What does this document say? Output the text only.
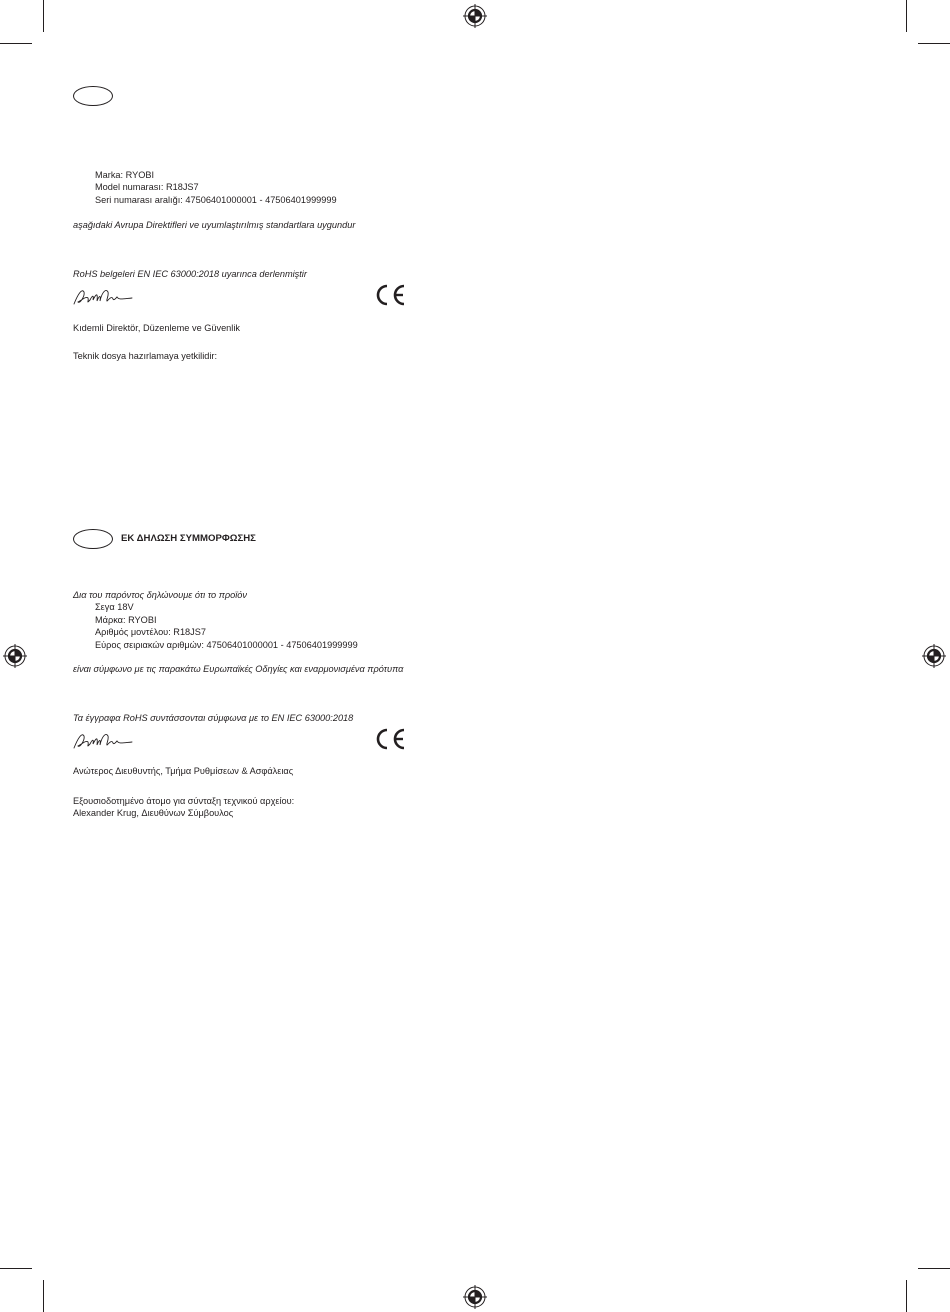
Marka: RYOBI
Model numarası: R18JS7
Seri numarası aralığı: 47506401000001 - 47506401999999
aşağıdaki Avrupa Direktifleri ve uyumlaştırılmış standartlara uygundur
RoHS belgeleri EN IEC 63000:2018 uyarınca derlenmiştir
Kıdemli Direktör, Düzenleme ve Güvenlik
Teknik dosya hazırlamaya yetkilidir:
ΕΚ ΔΗΛΩΣΗ ΣΥΜΜΟΡΦΩΣΗΣ
Δια του παρόντος δηλώνουμε ότι το προϊόν
Σεγα 18V
Μάρκα: RYOBI
Αριθμός μοντέλου: R18JS7
Εύρος σειριακών αριθμών: 47506401000001 - 47506401999999
είναι σύμφωνο με τις παρακάτω Ευρωπαϊκές Οδηγίες και εναρμονισμένα πρότυπα
Τα έγγραφα RoHS συντάσσονται σύμφωνα με το EN IEC 63000:2018
Ανώτερος Διευθυντής, Τμήμα Ρυθμίσεων & Ασφάλειας
Εξουσιοδοτημένο άτομο για σύνταξη τεχνικού αρχείου:
Alexander Krug, Διευθύνων Σύμβουλος
